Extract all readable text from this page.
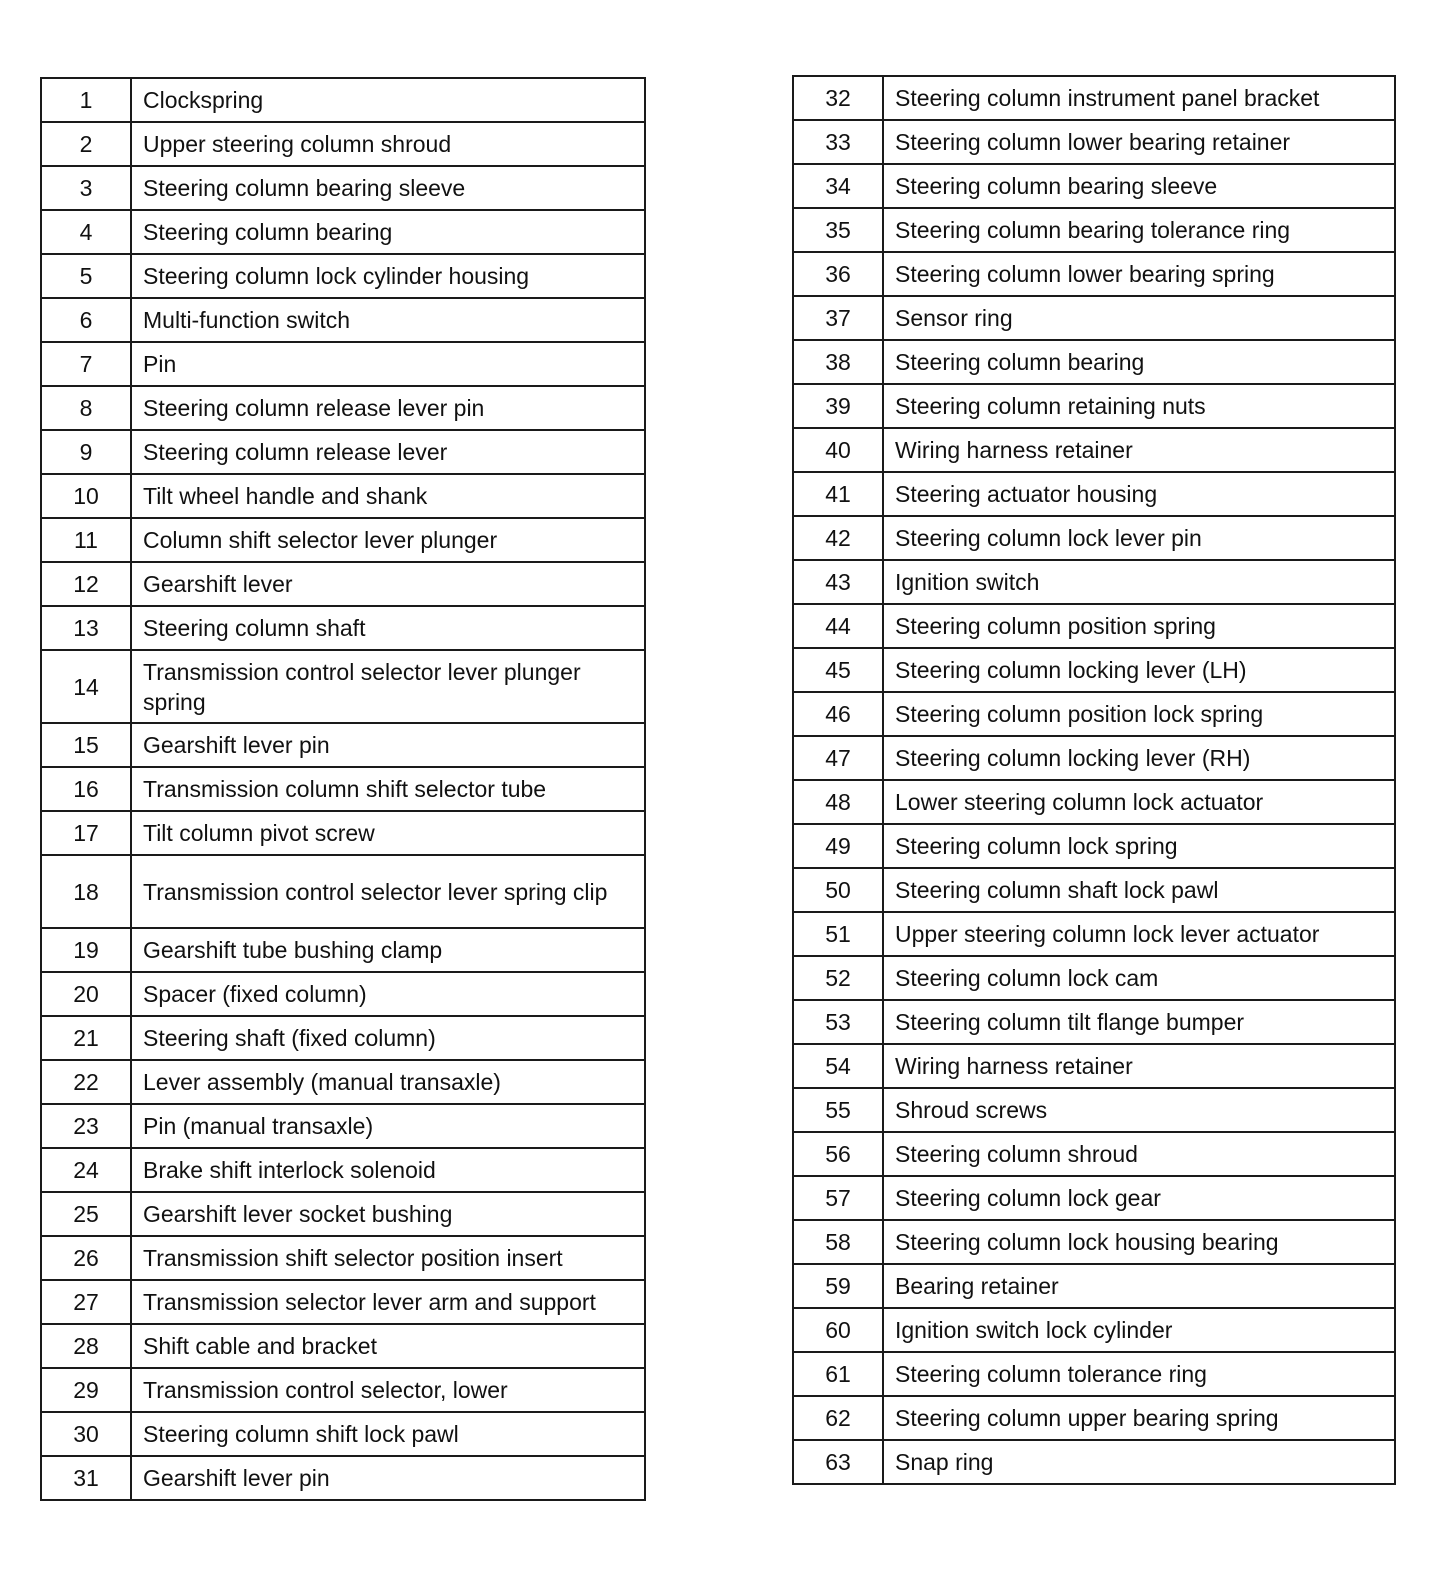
1	Clockspring
2	Upper steering column shroud
3	Steering column bearing sleeve
4	Steering column bearing
5	Steering column lock cylinder housing
6	Multi-function switch
7	Pin
8	Steering column release lever pin
9	Steering column release lever
10	Tilt wheel handle and shank
11	Column shift selector lever plunger
12	Gearshift lever
13	Steering column shaft
14	Transmission control selector lever plunger spring
15	Gearshift lever pin
16	Transmission column shift selector tube
17	Tilt column pivot screw
18	Transmission control selector lever spring clip
19	Gearshift tube bushing clamp
20	Spacer (fixed column)
21	Steering shaft (fixed column)
22	Lever assembly (manual transaxle)
23	Pin (manual transaxle)
24	Brake shift interlock solenoid
25	Gearshift lever socket bushing
26	Transmission shift selector position insert
27	Transmission selector lever arm and support
28	Shift cable and bracket
29	Transmission control selector, lower
30	Steering column shift lock pawl
31	Gearshift lever pin
32	Steering column instrument panel bracket
33	Steering column lower bearing retainer
34	Steering column bearing sleeve
35	Steering column bearing tolerance ring
36	Steering column lower bearing spring
37	Sensor ring
38	Steering column bearing
39	Steering column retaining nuts
40	Wiring harness retainer
41	Steering actuator housing
42	Steering column lock lever pin
43	Ignition switch
44	Steering column position spring
45	Steering column locking lever (LH)
46	Steering column position lock spring
47	Steering column locking lever (RH)
48	Lower steering column lock actuator
49	Steering column lock spring
50	Steering column shaft lock pawl
51	Upper steering column lock lever actuator
52	Steering column lock cam
53	Steering column tilt flange bumper
54	Wiring harness retainer
55	Shroud screws
56	Steering column shroud
57	Steering column lock gear
58	Steering column lock housing bearing
59	Bearing retainer
60	Ignition switch lock cylinder
61	Steering column tolerance ring
62	Steering column upper bearing spring
63	Snap ring
